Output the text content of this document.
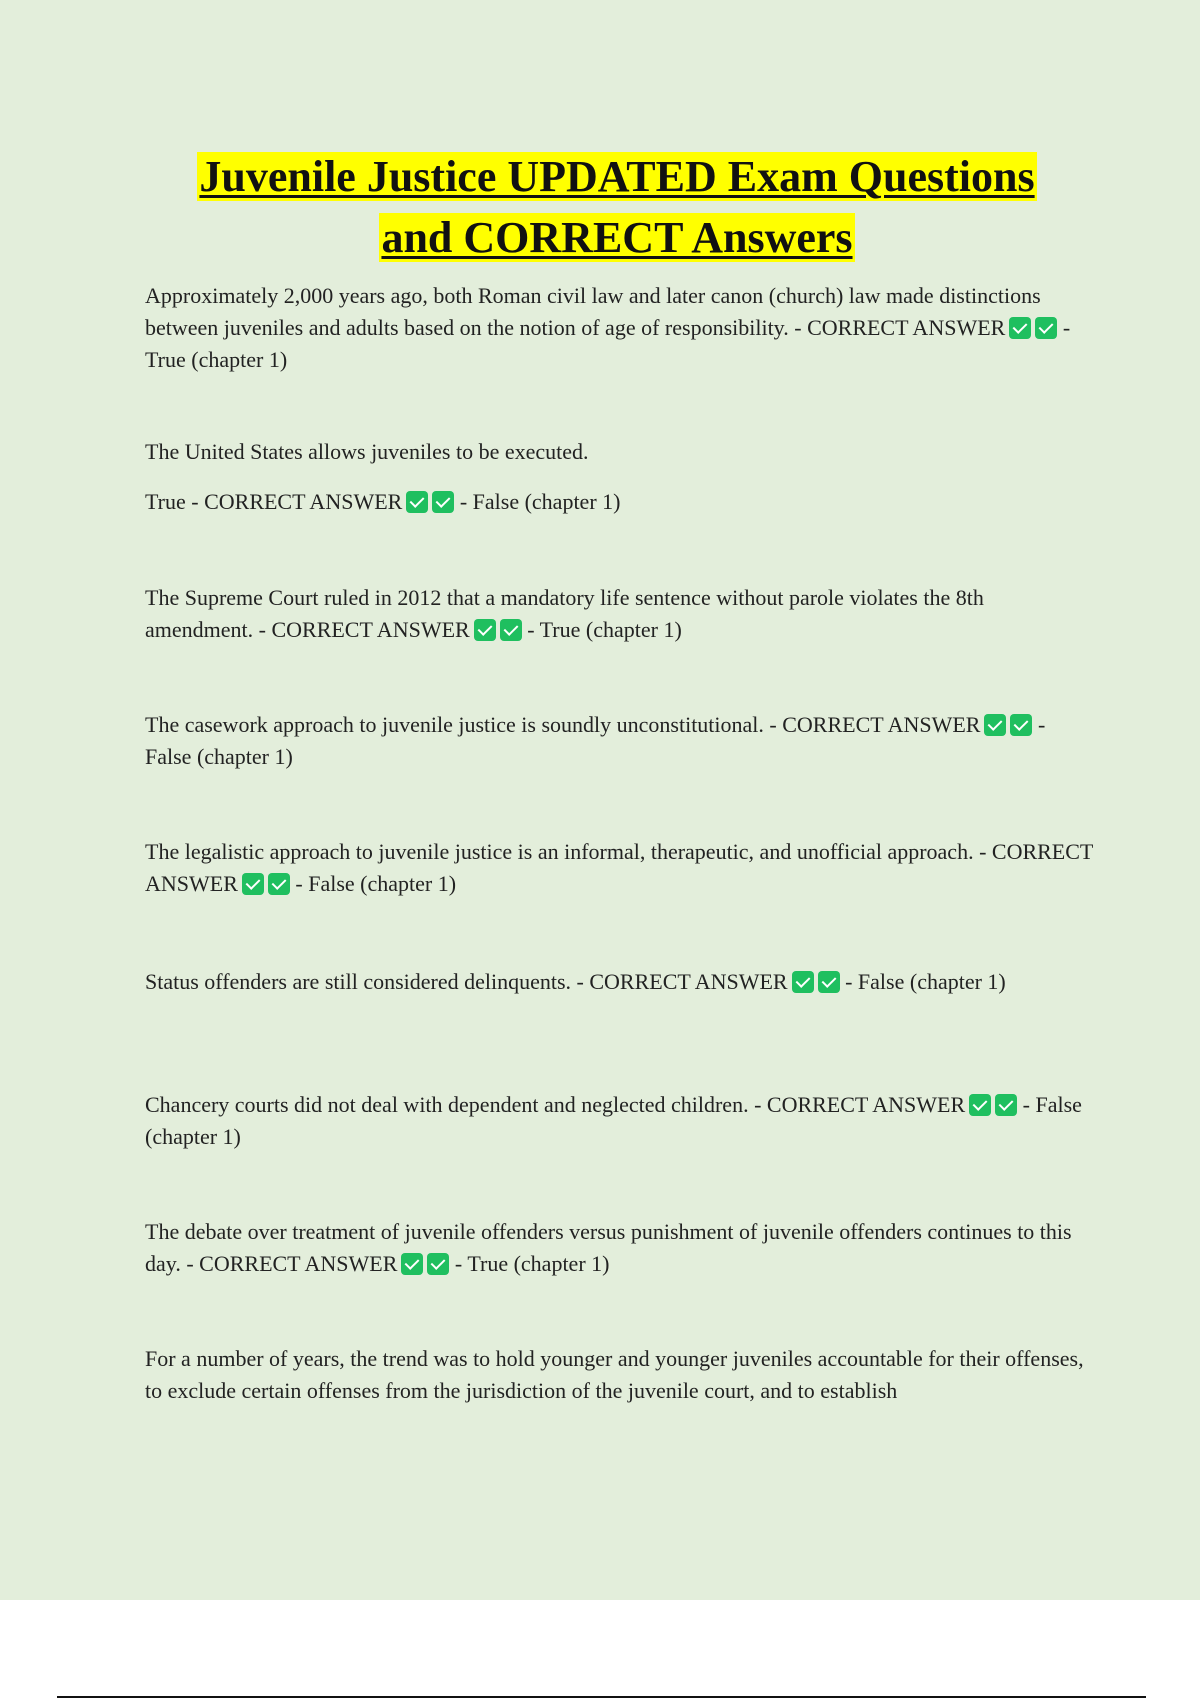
Juvenile Justice UPDATED Exam Questions
and CORRECT Answers

Approximately 2,000 years ago, both Roman civil law and later canon (church) law made distinctions between juveniles and adults based on the notion of age of responsibility. - CORRECT ANSWER - True (chapter 1)

The United States allows juveniles to be executed.

True - CORRECT ANSWER - False (chapter 1)

The Supreme Court ruled in 2012 that a mandatory life sentence without parole violates the 8th amendment. - CORRECT ANSWER - True (chapter 1)

The casework approach to juvenile justice is soundly unconstitutional. - CORRECT ANSWER - False (chapter 1)

The legalistic approach to juvenile justice is an informal, therapeutic, and unofficial approach. - CORRECT ANSWER - False (chapter 1)

Status offenders are still considered delinquents. - CORRECT ANSWER - False (chapter 1)

Chancery courts did not deal with dependent and neglected children. - CORRECT ANSWER - False (chapter 1)

The debate over treatment of juvenile offenders versus punishment of juvenile offenders continues to this day. - CORRECT ANSWER - True (chapter 1)

For a number of years, the trend was to hold younger and younger juveniles accountable for their offenses, to exclude certain offenses from the jurisdiction of the juvenile court, and to establish
